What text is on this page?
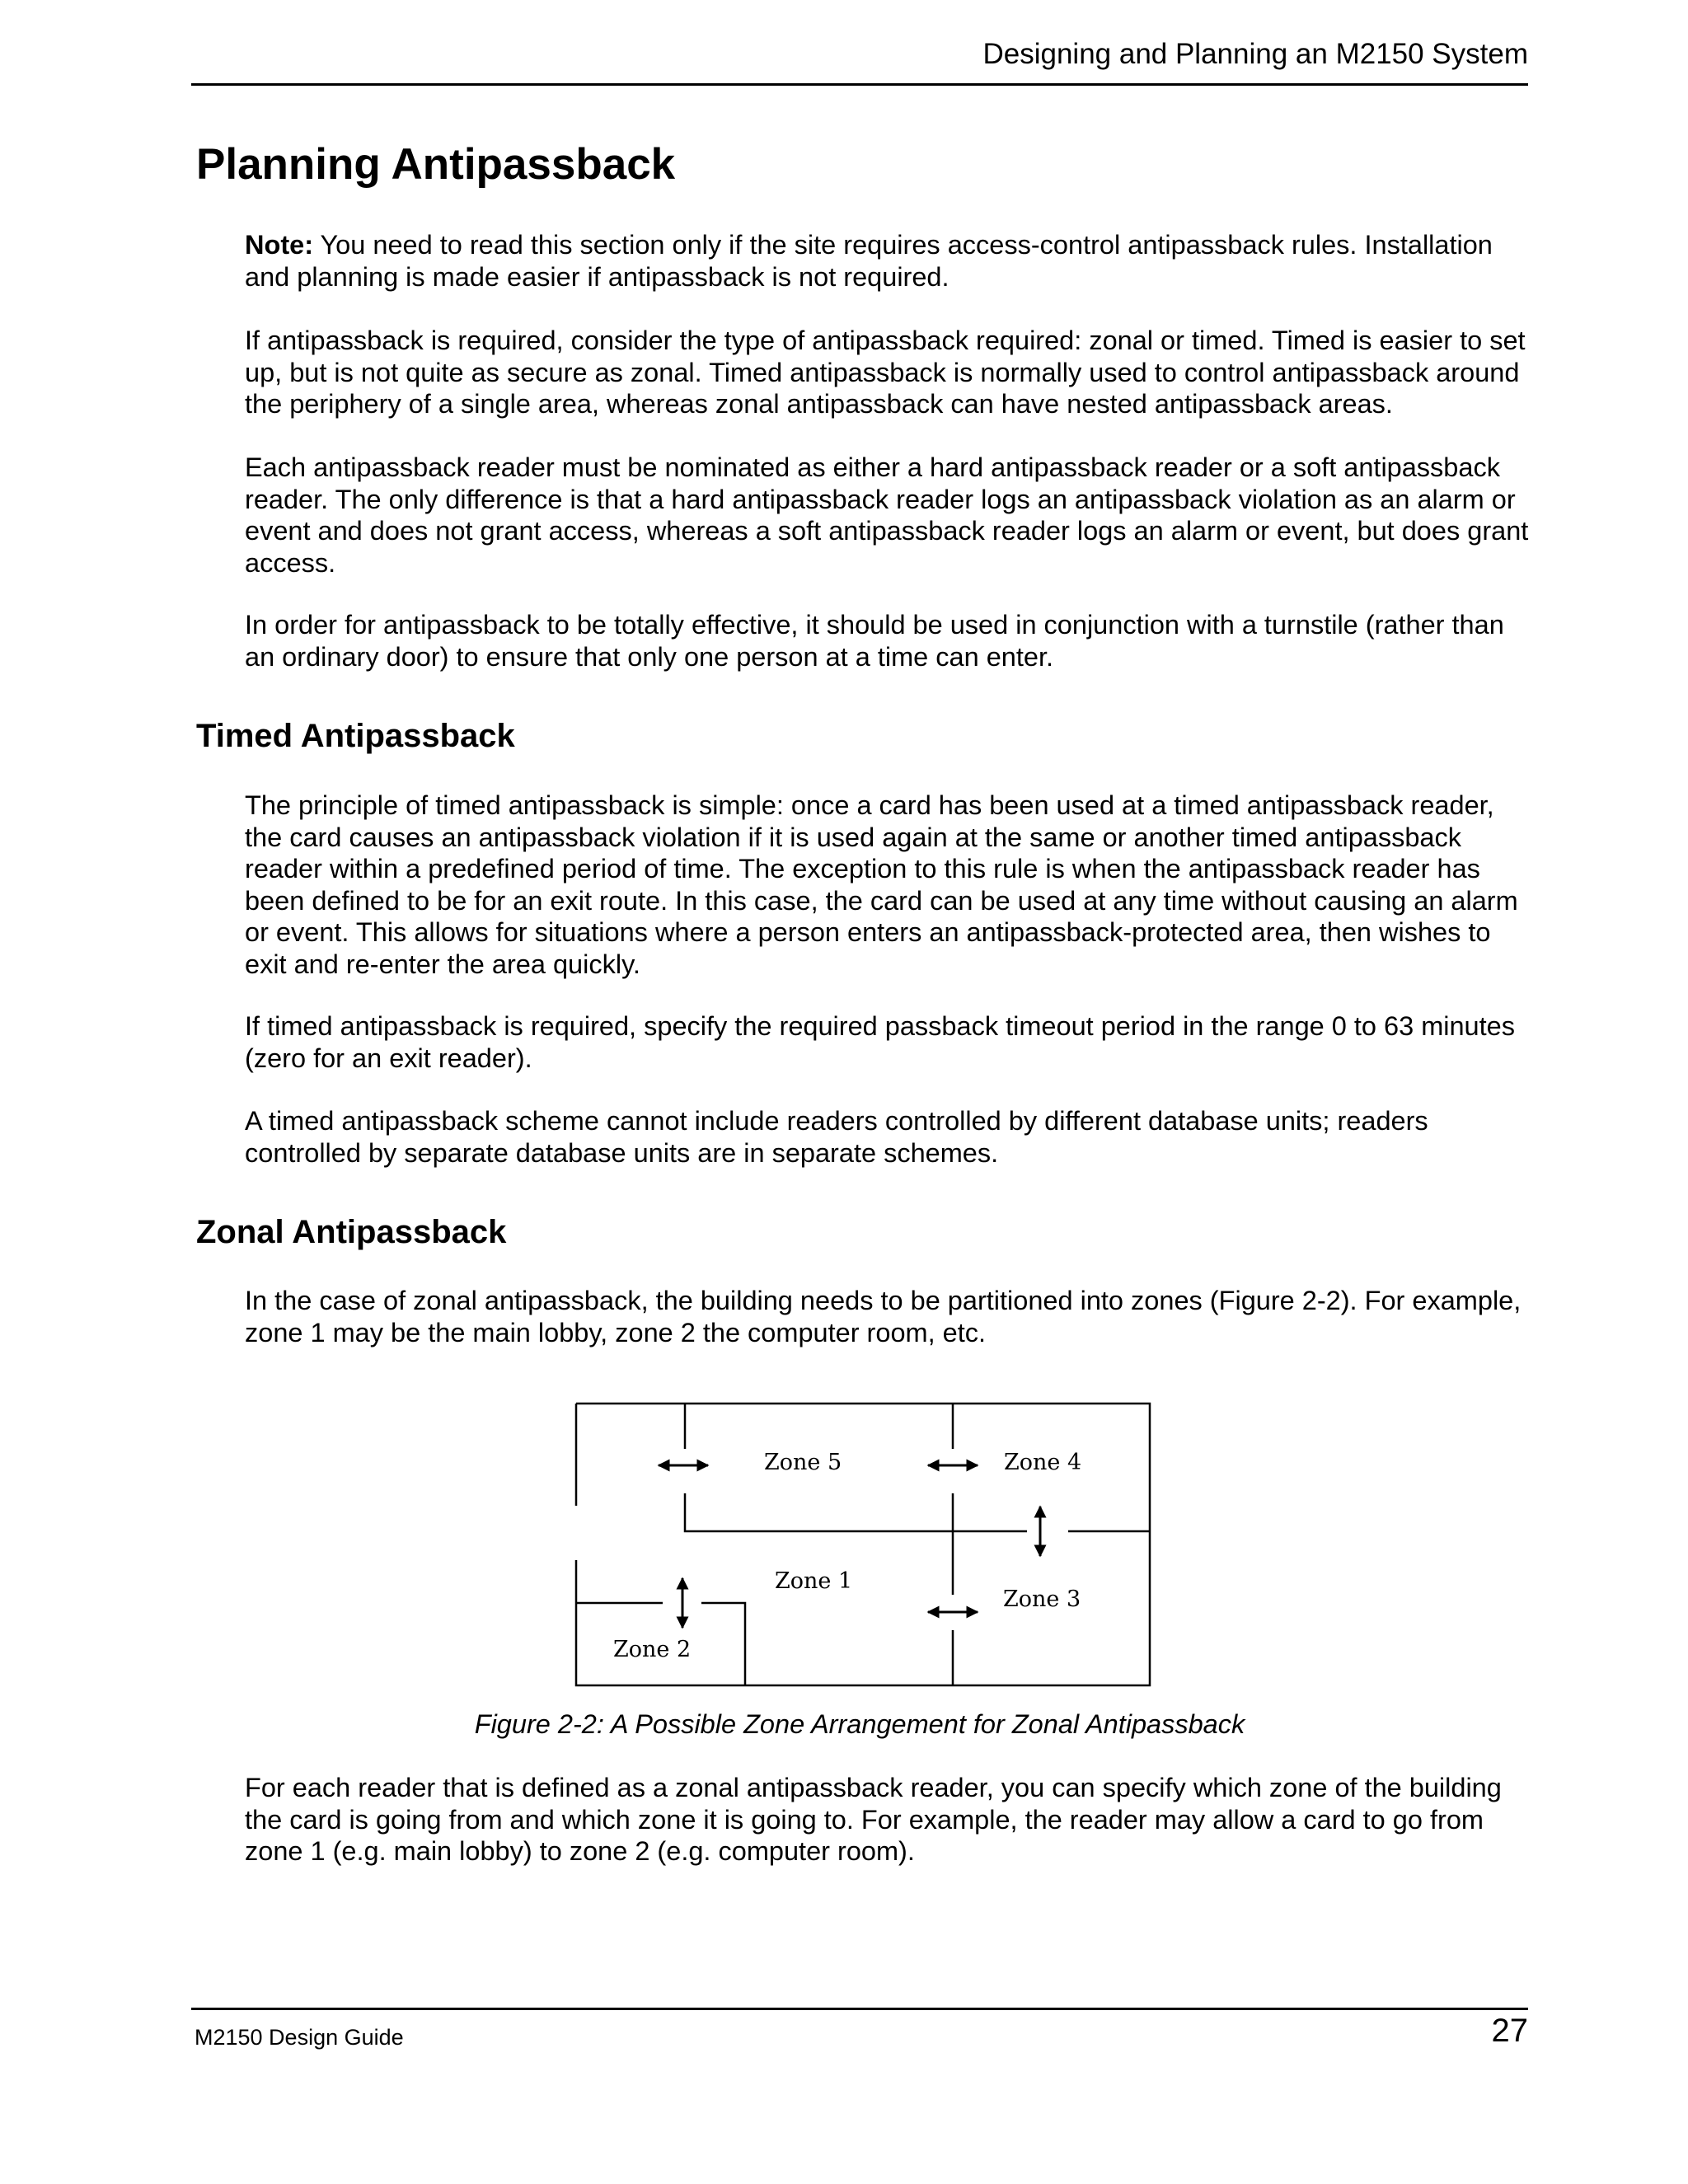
Designing and Planning an M2150 System
Planning Antipassback

Note: You need to read this section only if the site requires access-control antipassback rules. Installation and planning is made easier if antipassback is not required.

If antipassback is required, consider the type of antipassback required: zonal or timed. Timed is easier to set up, but is not quite as secure as zonal. Timed antipassback is normally used to control antipassback around the periphery of a single area, whereas zonal antipassback can have nested antipassback areas.

Each antipassback reader must be nominated as either a hard antipassback reader or a soft antipassback reader. The only difference is that a hard antipassback reader logs an antipassback violation as an alarm or event and does not grant access, whereas a soft antipassback reader logs an alarm or event, but does grant access.

In order for antipassback to be totally effective, it should be used in conjunction with a turnstile (rather than an ordinary door) to ensure that only one person at a time can enter.

Timed Antipassback

The principle of timed antipassback is simple: once a card has been used at a timed antipassback reader, the card causes an antipassback violation if it is used again at the same or another timed antipassback reader within a predefined period of time. The exception to this rule is when the antipassback reader has been defined to be for an exit route. In this case, the card can be used at any time without causing an alarm or event. This allows for situations where a person enters an antipassback-protected area, then wishes to exit and re-enter the area quickly.

If timed antipassback is required, specify the required passback timeout period in the range 0 to 63 minutes (zero for an exit reader).

A timed antipassback scheme cannot include readers controlled by different database units; readers controlled by separate database units are in separate schemes.

Zonal Antipassback

In the case of zonal antipassback, the building needs to be partitioned into zones (Figure 2-2). For example, zone 1 may be the main lobby, zone 2 the computer room, etc.

Zone 5	Zone 4
Zone 1
Zone 3
Zone 2

Figure 2-2: A Possible Zone Arrangement for Zonal Antipassback

For each reader that is defined as a zonal antipassback reader, you can specify which zone of the building the card is going from and which zone it is going to. For example, the reader may allow a card to go from zone 1 (e.g. main lobby) to zone 2 (e.g. computer room).

M2150 Design Guide	27
